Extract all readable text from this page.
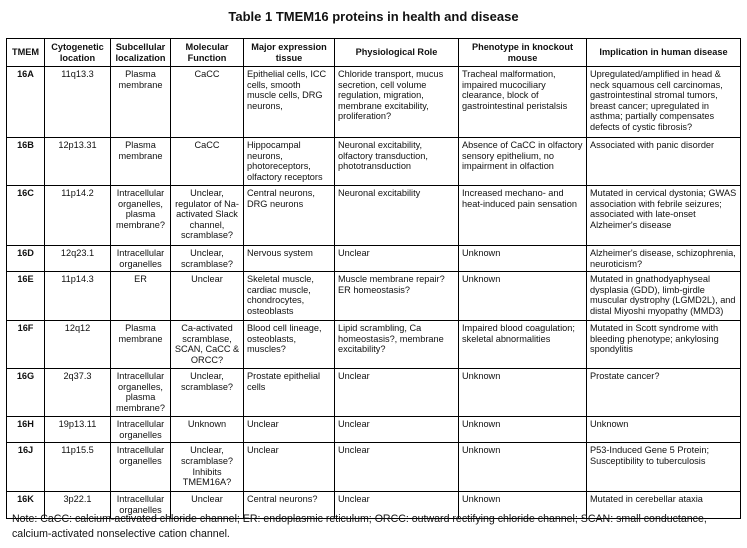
Table 1 TMEM16 proteins in health and disease
TMEM	Cytogenetic location	Subcellular localization	Molecular Function	Major expression tissue	Physiological Role	Phenotype in knockout mouse	Implication in human disease
16A	11q13.3	Plasma membrane	CaCC	Epithelial cells, ICC cells, smooth muscle cells, DRG neurons,	Chloride transport, mucus secretion, cell volume regulation, migration, membrane excitability, proliferation?	Tracheal malformation, impaired mucociliary clearance, block of gastrointestinal peristalsis	Upregulated/amplified in head & neck squamous cell carcinomas, gastrointestinal stromal tumors, breast cancer; upregulated in asthma; partially compensates defects of cystic fibrosis?
16B	12p13.31	Plasma membrane	CaCC	Hippocampal neurons, photoreceptors, olfactory receptors	Neuronal excitability, olfactory transduction, phototransduction	Absence of CaCC in olfactory sensory epithelium, no impairment in olfaction	Associated with panic disorder
16C	11p14.2	Intracellular organelles, plasma membrane?	Unclear, regulator of Na-activated Slack channel, scramblase?	Central neurons, DRG neurons	Neuronal excitability	Increased mechano- and heat-induced pain sensation	Mutated in cervical dystonia; GWAS association with febrile seizures; associated with late-onset Alzheimer's disease
16D	12q23.1	Intracellular organelles	Unclear, scramblase?	Nervous system	Unclear	Unknown	Alzheimer's disease, schizophrenia, neuroticism?
16E	11p14.3	ER	Unclear	Skeletal muscle, cardiac muscle, chondrocytes, osteoblasts	Muscle membrane repair? ER homeostasis?	Unknown	Mutated in gnathodyaphyseal dysplasia (GDD), limb-girdle muscular dystrophy (LGMD2L), and distal Miyoshi myopathy (MMD3)
16F	12q12	Plasma membrane	Ca-activated scramblase, SCAN, CaCC & ORCC?	Blood cell lineage, osteoblasts, muscles?	Lipid scrambling, Ca homeostasis?, membrane excitability?	Impaired blood coagulation; skeletal abnormalities	Mutated in Scott syndrome with bleeding phenotype; ankylosing spondylitis
16G	2q37.3	Intracellular organelles, plasma membrane?	Unclear, scramblase?	Prostate epithelial cells	Unclear	Unknown	Prostate cancer?
16H	19p13.11	Intracellular organelles	Unknown	Unclear	Unclear	Unknown	Unknown
16J	11p15.5	Intracellular organelles	Unclear, scramblase? Inhibits TMEM16A?	Unclear	Unclear	Unknown	P53-Induced Gene 5 Protein; Susceptibility to tuberculosis
16K	3p22.1	Intracellular organelles	Unclear	Central neurons?	Unclear	Unknown	Mutated in cerebellar ataxia
Note: CaCC: calcium-activated chloride channel; ER: endoplasmic reticulum; ORCC: outward rectifying chloride channel; SCAN: small conductance, calcium-activated nonselective cation channel.
